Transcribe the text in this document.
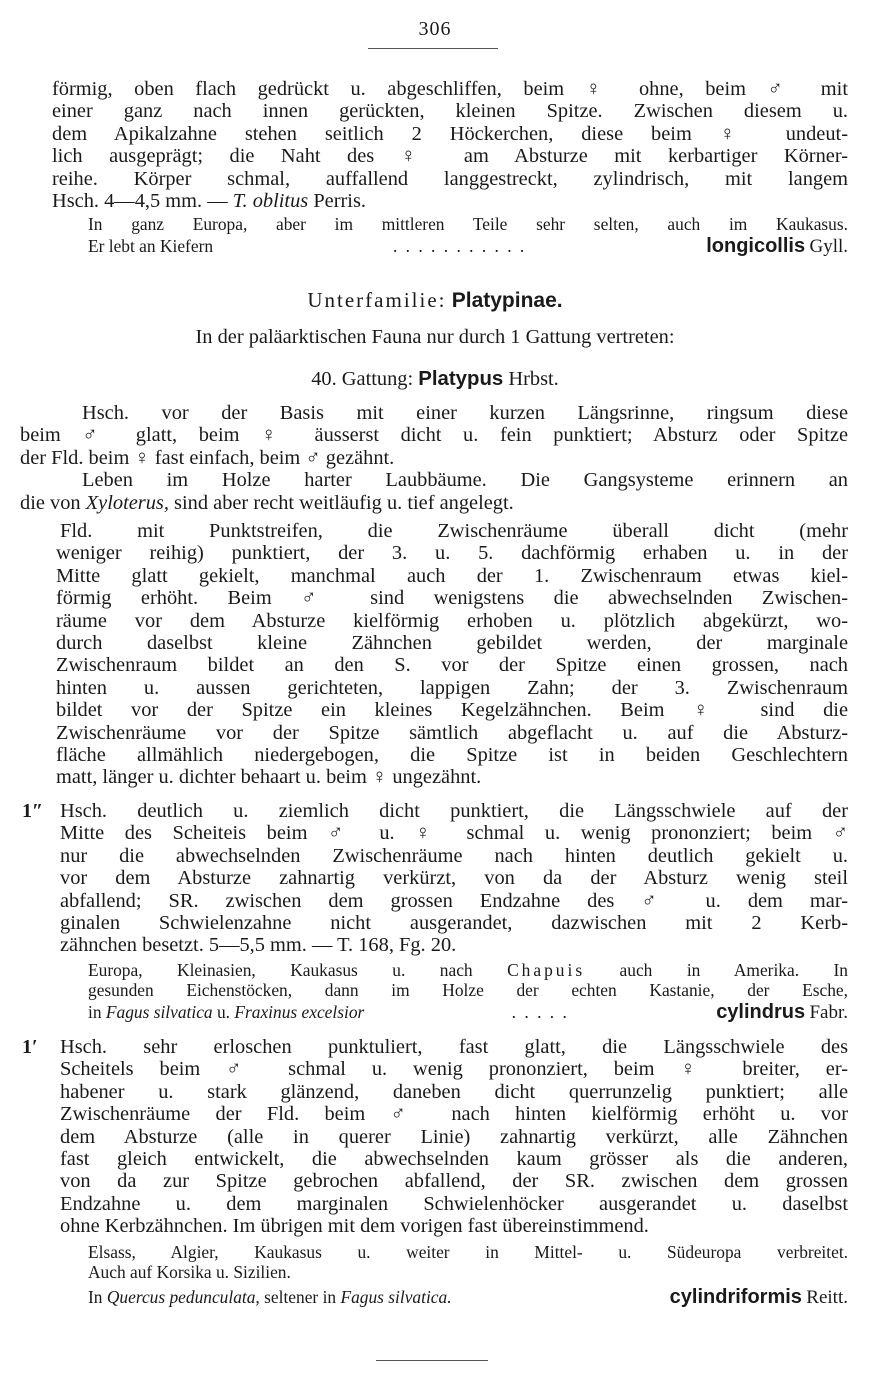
306
förmig, oben flach gedrückt u. abgeschliffen, beim ♀ ohne, beim ♂ mit
einer ganz nach innen gerückten, kleinen Spitze. Zwischen diesem u.
dem Apikalzahne stehen seitlich 2 Höckerchen, diese beim ♀ undeut-
lich ausgeprägt; die Naht des ♀ am Absturze mit kerbartiger Körner-
reihe. Körper schmal, auffallend langgestreckt, zylindrisch, mit langem
Hsch. 4—4,5 mm. — T. oblitus Perris.
In ganz Europa, aber im mittleren Teile sehr selten, auch im Kaukasus.
Er lebt an Kiefern	. . . . . . . . . . .	longicollis Gyll.
Unterfamilie: Platypinae.
In der paläarktischen Fauna nur durch 1 Gattung vertreten:
40. Gattung: Platypus Hrbst.
Hsch. vor der Basis mit einer kurzen Längsrinne, ringsum diese
beim ♂ glatt, beim ♀ äusserst dicht u. fein punktiert; Absturz oder Spitze
der Fld. beim ♀ fast einfach, beim ♂ gezähnt.
Leben im Holze harter Laubbäume. Die Gangsysteme erinnern an
die von Xyloterus, sind aber recht weitläufig u. tief angelegt.
Fld. mit Punktstreifen, die Zwischenräume überall dicht (mehr
weniger reihig) punktiert, der 3. u. 5. dachförmig erhaben u. in der
Mitte glatt gekielt, manchmal auch der 1. Zwischenraum etwas kiel-
förmig erhöht. Beim ♂ sind wenigstens die abwechselnden Zwischen-
räume vor dem Absturze kielförmig erhoben u. plötzlich abgekürzt, wo-
durch daselbst kleine Zähnchen gebildet werden, der marginale
Zwischenraum bildet an den S. vor der Spitze einen grossen, nach
hinten u. aussen gerichteten, lappigen Zahn; der 3. Zwischenraum
bildet vor der Spitze ein kleines Kegelzähnchen. Beim ♀ sind die
Zwischenräume vor der Spitze sämtlich abgeflacht u. auf die Absturz-
fläche allmählich niedergebogen, die Spitze ist in beiden Geschlechtern
matt, länger u. dichter behaart u. beim ♀ ungezähnt.
1″ Hsch. deutlich u. ziemlich dicht punktiert, die Längsschwiele auf der
Mitte des Scheiteis beim ♂ u. ♀ schmal u. wenig prononziert; beim ♂
nur die abwechselnden Zwischenräume nach hinten deutlich gekielt u.
vor dem Absturze zahnartig verkürzt, von da der Absturz wenig steil
abfallend; SR. zwischen dem grossen Endzahne des ♂ u. dem mar-
ginalen Schwielenzahne nicht ausgerandet, dazwischen mit 2 Kerb-
zähnchen besetzt. 5—5,5 mm. — T. 168, Fg. 20.
Europa, Kleinasien, Kaukasus u. nach Chapuis auch in Amerika. In
gesunden Eichenstöcken, dann im Holze der echten Kastanie, der Esche,
in Fagus silvatica u. Fraxinus excelsior	. . . . .	cylindrus Fabr.
1′ Hsch. sehr erloschen punktuliert, fast glatt, die Längsschwiele des
Scheitels beim ♂ schmal u. wenig prononziert, beim ♀ breiter, er-
habener u. stark glänzend, daneben dicht querrunzelig punktiert; alle
Zwischenräume der Fld. beim ♂ nach hinten kielförmig erhöht u. vor
dem Absturze (alle in querer Linie) zahnartig verkürzt, alle Zähnchen
fast gleich entwickelt, die abwechselnden kaum grösser als die anderen,
von da zur Spitze gebrochen abfallend, der SR. zwischen dem grossen
Endzahne u. dem marginalen Schwielenhöcker ausgerandet u. daselbst
ohne Kerbzähnchen. Im übrigen mit dem vorigen fast übereinstimmend.
Elsass, Algier, Kaukasus u. weiter in Mittel- u. Südeuropa verbreitet.
Auch auf Korsika u. Sizilien.
In Quercus pedunculata, seltener in Fagus silvatica.	cylindriformis Reitt.
